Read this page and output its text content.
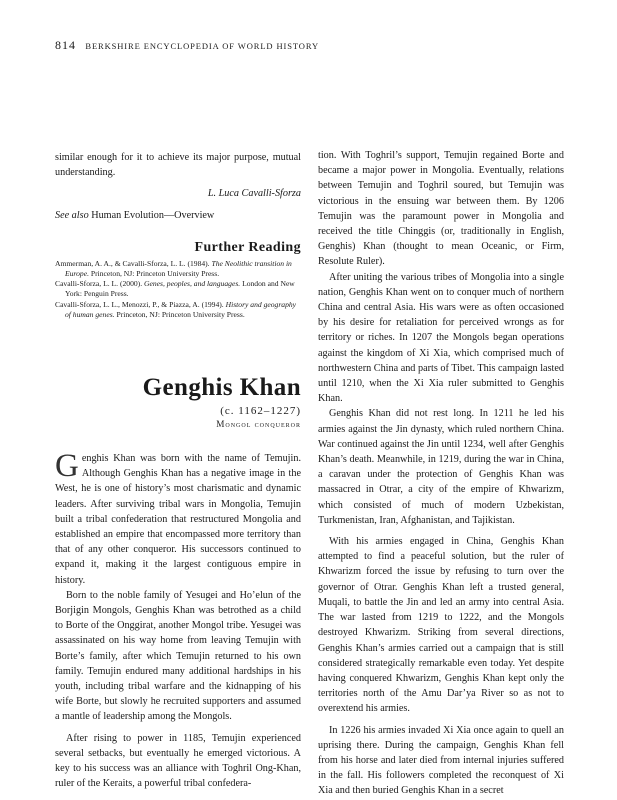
814 BERKSHIRE ENCYCLOPEDIA OF WORLD HISTORY

similar enough for it to achieve its major purpose, mutual understanding.

L. Luca Cavalli-Sforza

See also Human Evolution—Overview

Further Reading

Ammerman, A. A., & Cavalli-Sforza, L. L. (1984). The Neolithic transition in Europe. Princeton, NJ: Princeton University Press.

Cavalli-Sforza, L. L. (2000). Genes, peoples, and languages. London and New York: Penguin Press.

Cavalli-Sforza, L. L., Menozzi, P., & Piazza, A. (1994). History and geography of human genes. Princeton, NJ: Princeton University Press.

Genghis Khan
(c. 1162–1227)
Mongol conqueror

Genghis Khan was born with the name of Temujin. Although Genghis Khan has a negative image in the West, he is one of history’s most charismatic and dynamic leaders. After surviving tribal wars in Mongolia, Temujin built a tribal confederation that restructured Mongolia and established an empire that encompassed more territory than that of any other conqueror. His successors continued to expand it, making it the largest contiguous empire in history.

Born to the noble family of Yesugei and Ho’elun of the Borjigin Mongols, Genghis Khan was betrothed as a child to Borte of the Onggirat, another Mongol tribe. Yesugei was assassinated on his way home from leaving Temujin with Borte’s family, after which Temujin returned to his own family. Temujin endured many additional hardships in his youth, including tribal warfare and the kidnapping of his wife Borte, but slowly he recruited supporters and assumed a mantle of leadership among the Mongols.

After rising to power in 1185, Temujin experienced several setbacks, but eventually he emerged victorious. A key to his success was an alliance with Toghril Ong-Khan, ruler of the Keraits, a powerful tribal confedera-

tion. With Toghril’s support, Temujin regained Borte and became a major power in Mongolia. Eventually, relations between Temujin and Toghril soured, but Temujin was victorious in the ensuing war between them. By 1206 Temujin was the paramount power in Mongolia and received the title Chinggis (or, traditionally in English, Genghis) Khan (thought to mean Oceanic, or Firm, Resolute Ruler).

After uniting the various tribes of Mongolia into a single nation, Genghis Khan went on to conquer much of northern China and central Asia. His wars were as often occasioned by his desire for retaliation for perceived wrongs as for territory or riches. In 1207 the Mongols began operations against the kingdom of Xi Xia, which comprised much of northwestern China and parts of Tibet. This campaign lasted until 1210, when the Xi Xia ruler submitted to Genghis Khan.

Genghis Khan did not rest long. In 1211 he led his armies against the Jin dynasty, which ruled northern China. War continued against the Jin until 1234, well after Genghis Khan’s death. Meanwhile, in 1219, during the war in China, a caravan under the protection of Genghis Khan was massacred in Otrar, a city of the empire of Khwarizm, which consisted of much of modern Uzbekistan, Turkmenistan, Iran, Afghanistan, and Tajikistan.

With his armies engaged in China, Genghis Khan attempted to find a peaceful solution, but the ruler of Khwarizm forced the issue by refusing to turn over the governor of Otrar. Genghis Khan left a trusted general, Muqali, to battle the Jin and led an army into central Asia. The war lasted from 1219 to 1222, and the Mongols destroyed Khwarizm. Striking from several directions, Genghis Khan’s armies carried out a campaign that is still considered strategically remarkable even today. Yet despite having conquered Khwarizm, Genghis Khan kept only the territories north of the Amu Dar’ya River so as not to overextend his armies.

In 1226 his armies invaded Xi Xia once again to quell an uprising there. During the campaign, Genghis Khan fell from his horse and later died from internal injuries suffered in the fall. His followers completed the reconquest of Xi Xia and then buried Genghis Khan in a secret
